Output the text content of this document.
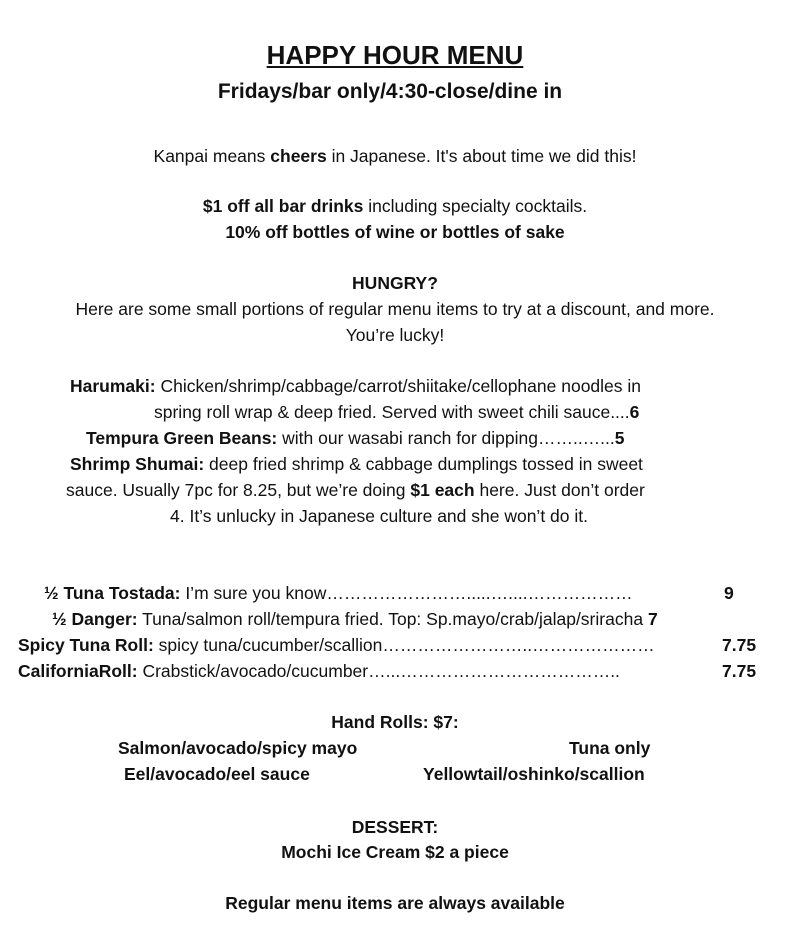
HAPPY HOUR MENU
Fridays/bar only/4:30-close/dine in
Kanpai means cheers in Japanese. It's about time we did this!
$1 off all bar drinks including specialty cocktails.
10% off bottles of wine or bottles of sake
HUNGRY?
Here are some small portions of regular menu items to try at a discount, and more.
You’re lucky!
Harumaki: Chicken/shrimp/cabbage/carrot/shiitake/cellophane noodles in
spring roll wrap & deep fried. Served with sweet chili sauce....6
Tempura Green Beans: with our wasabi ranch for dipping……..…...5
Shrimp Shumai: deep fried shrimp & cabbage dumplings tossed in sweet
sauce. Usually 7pc for 8.25, but we’re doing $1 each here. Just don’t order
4. It’s unlucky in Japanese culture and she won’t do it.
½ Tuna Tostada: I’m sure you know…………………….....…....………………	9
½ Danger: Tuna/salmon roll/tempura fried. Top: Sp.mayo/crab/jalap/sriracha 7
Spicy Tuna Roll: spicy tuna/cucumber/scallion……………………..…………………	7.75
CaliforniaRoll: Crabstick/avocado/cucumber…...………………………………..	7.75
Hand Rolls: $7:
Salmon/avocado/spicy mayo	Tuna only
Eel/avocado/eel sauce	Yellowtail/oshinko/scallion
DESSERT:
Mochi Ice Cream $2 a piece
Regular menu items are always available
